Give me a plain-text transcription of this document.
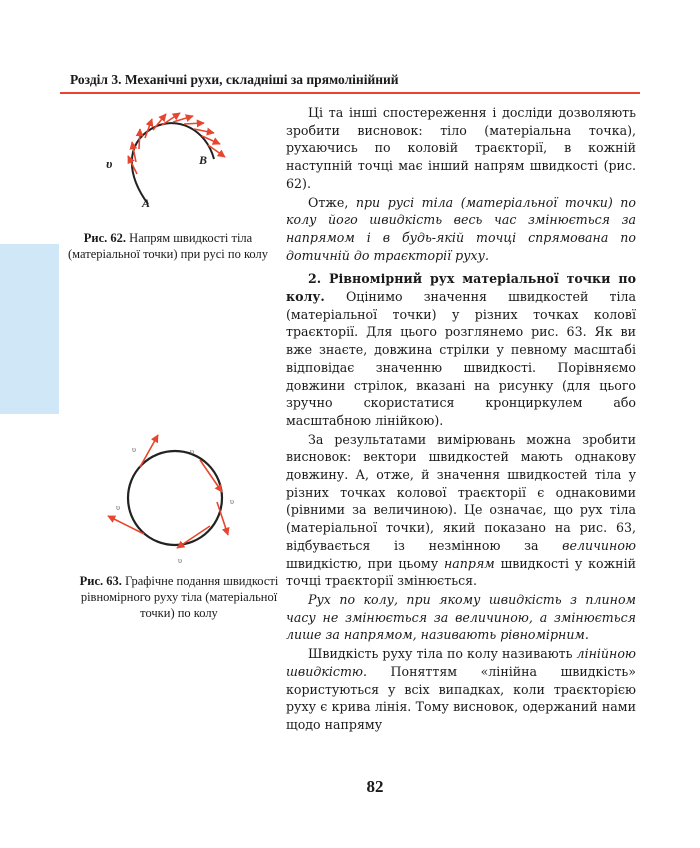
Розділ 3. Механічні рухи, складніші за прямолінійний
υ
A
B
Рис. 62. Напрям швидкості тіла (матеріальної точки) при русі по колу
υ	υ
υ
υ
υ
Рис. 63. Графічне подання швидкості рівномірного руху тіла (матеріальної точки) по колу

Ці та інші спостереження і досліди дозволяють зробити висновок: тіло (матеріальна точка), рухаючись по коловій траєкторії, в кожній наступній точці має інший напрям швидкості (рис. 62).

Отже, при русі тіла (матеріальної точки) по колу його швидкість весь час змінюється за напрямом і в будь-якій точці спрямована по дотичній до траєкторії руху.

2. Рівномірний рух матеріальної точки по колу. Оцінимо значення швидкостей тіла (матеріальної точки) у різних точках коловї траєкторії. Для цього розглянемо рис. 63. Як ви вже знаєте, довжина стрілки у певному масштабі відповідає значенню швидкості. Порівняємо довжини стрілок, вказані на рисунку (для цього зручно скористатися кронциркулем або масштабною лінійкою).

За результатами вимірювань можна зробити висновок: вектори швидкостей мають однакову довжину. А, отже, й значення швидкостей тіла у різних точках колової траєкторії є однаковими (рівними за величиною). Це означає, що рух тіла (матеріальної точки), який показано на рис. 63, відбувається із незмінною за величиною швидкістю, при цьому напрям швидкості у кожній точці траєкторії змінюється.

Рух по колу, при якому швидкість з плином часу не змінюється за величиною, а змінюється лише за напрямом, називають рівномірним.

Швидкість руху тіла по колу називають лінійною швидкістю. Поняттям «лінійна швидкість» користуються у всіх випадках, коли траєкторією руху є крива лінія. Тому висновок, одержаний нами щодо напряму

82
